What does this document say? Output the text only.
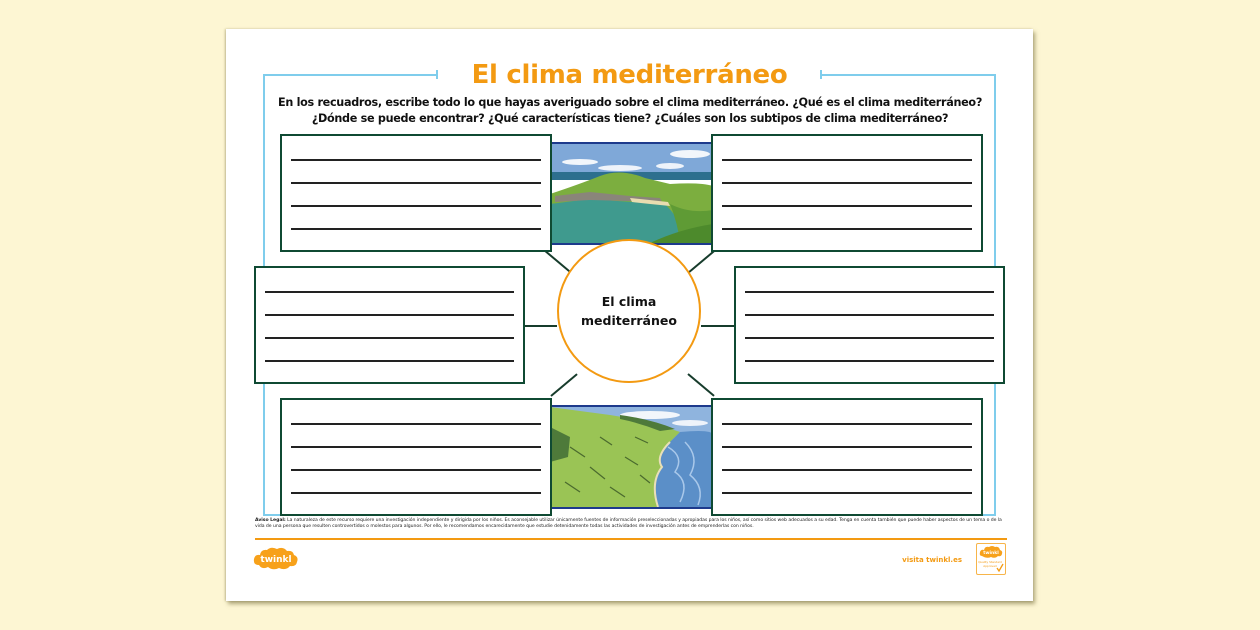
El clima mediterráneo
En los recuadros, escribe todo lo que hayas averiguado sobre el clima mediterráneo. ¿Qué es el clima mediterráneo?
¿Dónde se puede encontrar? ¿Qué características tiene? ¿Cuáles son los subtipos de clima mediterráneo?
El clima
mediterráneo
Aviso Legal: La naturaleza de este recurso requiere una investigación independiente y dirigida por los niños. Es aconsejable utilizar únicamente fuentes de información preseleccionadas y apropiadas para los niños, así como sitios web adecuados a su edad. Tenga en cuenta también que puede haber aspectos de un tema o de la vida de una persona que resulten controvertidos o molestos para algunos. Por ello, le recomendamos encarecidamente que estudie detenidamente todas las actividades de investigación antes de emprenderlas con niños.
twinkl	visita twinkl.es
twinkl
Quality Standard
Approved
